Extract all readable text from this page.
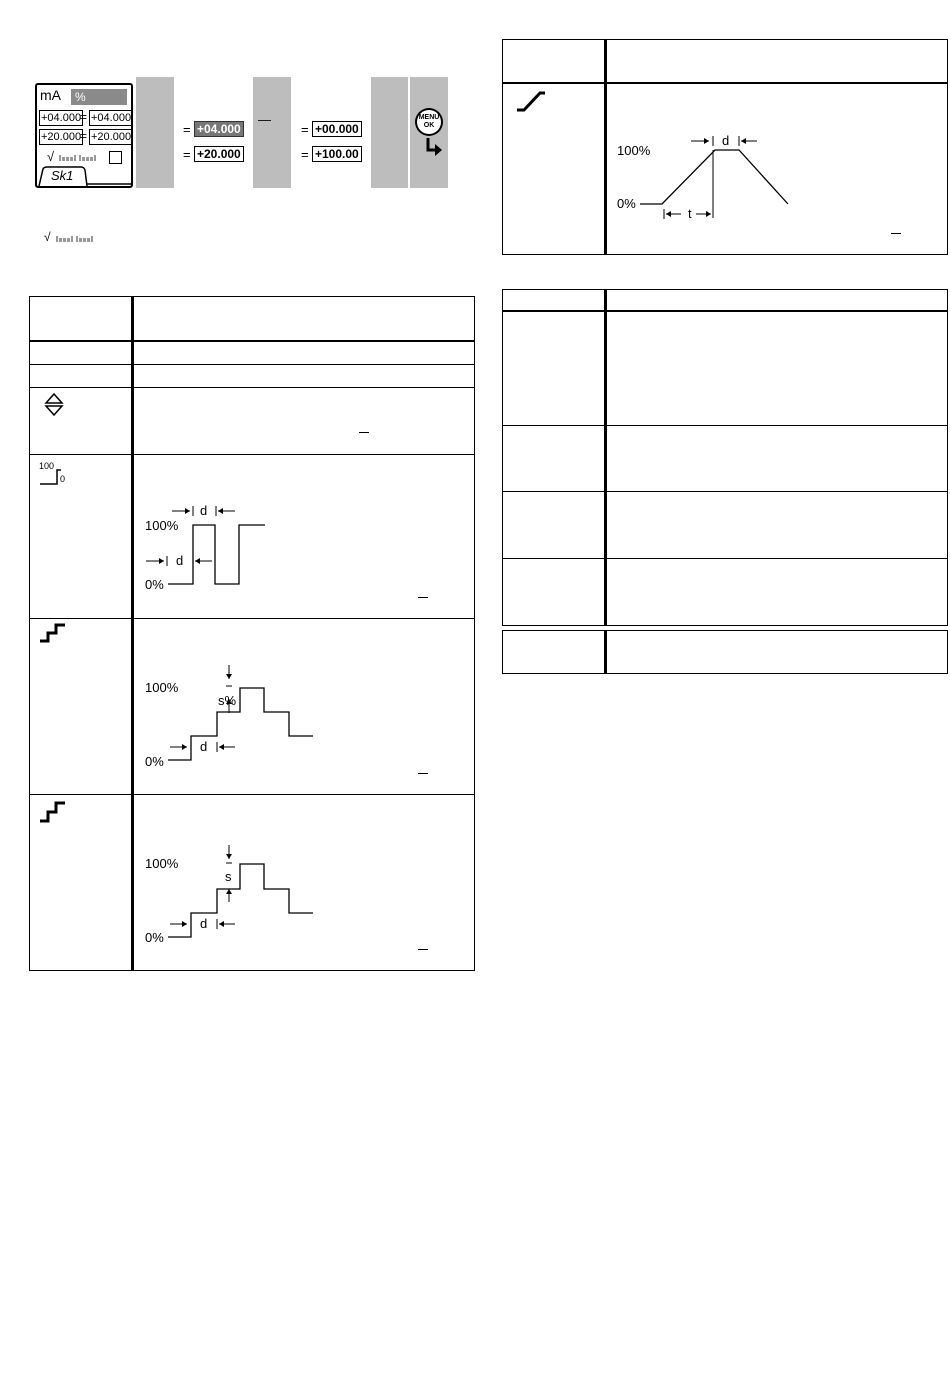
mA	%
+04.000
= +04.000
+20.000
= +20.000
√
Sk1
= +04.000
= +20.000
—
= +00.000
= +100.00
MENU
OK
√
100
0
d
d
100%
0%
100%
s%
d
0%
100%
s
d
0%
d
t
100%
0%
